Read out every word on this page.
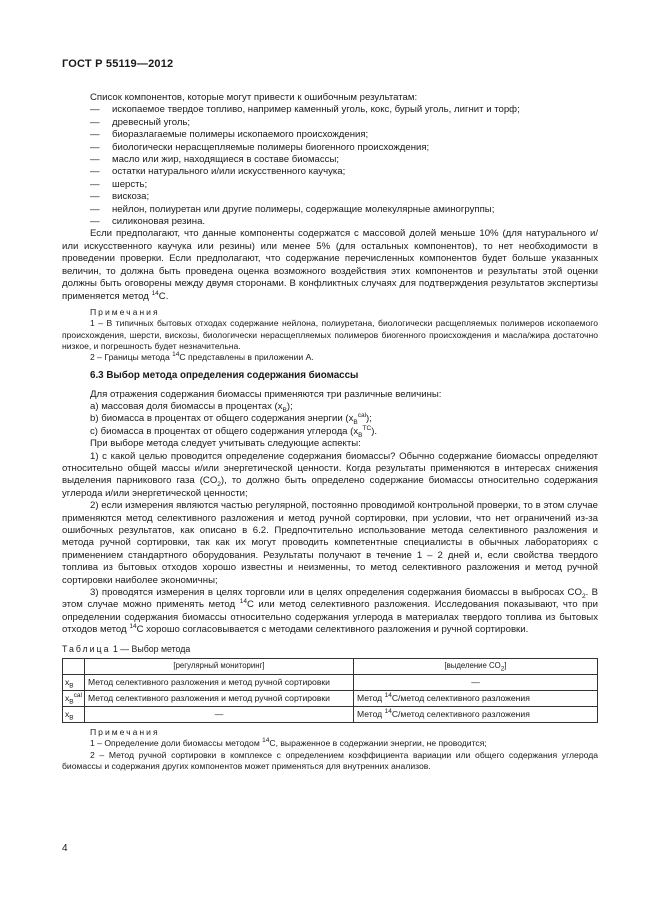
ГОСТ Р 55119—2012

Список компонентов, которые могут привести к ошибочным результатам:

—	ископаемое твердое топливо, например каменный уголь, кокс, бурый уголь, лигнит и торф;
—	древесный уголь;
—	биоразлагаемые полимеры ископаемого происхождения;
—	биологически нерасщепляемые полимеры биогенного происхождения;
—	масло или жир, находящиеся в составе биомассы;
—	остатки натурального и/или искусственного каучука;
—	шерсть;
—	вискоза;
—	нейлон, полиуретан или другие полимеры, содержащие молекулярные аминогруппы;
—	силиконовая резина.

Если предполагают, что данные компоненты содержатся с массовой долей меньше 10% (для натурального и/или искусственного каучука или резины) или менее 5% (для остальных компонентов), то нет необходимости в проведении проверки. Если предполагают, что содержание перечисленных компонентов будет больше указанных величин, то должна быть проведена оценка возможного воздействия этих компонентов и результаты этой оценки должны быть оговорены между двумя сторонами. В конфликтных случаях для подтверждения результатов экспертизы применяется метод $^{14}$C.

Примечания

1 – В типичных бытовых отходах содержание нейлона, полиуретана, биологически расщепляемых полимеров ископаемого происхождения, шерсти, вискозы, биологически нерасщепляемых полимеров биогенного происхождения и масла/жира достаточно низкое, и погрешность будет незначительна.

2 – Границы метода $^{14}$C представлены в приложении А.

6.3 Выбор метода определения содержания биомассы

Для отражения содержания биомассы применяются три различные величины:

a) массовая доля биомассы в процентах $(x_B)$;

b) биомасса в процентах от общего содержания энергии $(x_B^{cal})$;

c) биомасса в процентах от общего содержания углерода $(x_B^{TC})$.

При выборе метода следует учитывать следующие аспекты:

1) с какой целью проводится определение содержания биомассы? Обычно содержание биомассы определяют относительно общей массы и/или энергетической ценности. Когда результаты применяются в интересах снижения выделения парникового газа $(CO_2)$, то должно быть определено содержание биомассы относительно содержания углерода и/или энергетической ценности;

2) если измерения являются частью регулярной, постоянно проводимой контрольной проверки, то в этом случае применяются метод селективного разложения и метод ручной сортировки, при условии, что нет ограничений из-за ошибочных результатов, как описано в 6.2. Предпочтительно использование метода селективного разложения и метода ручной сортировки, так как их могут проводить компетентные специалисты в обычных лабораториях с применением стандартного оборудования. Результаты получают в течение 1 – 2 дней и, если свойства твердого топлива из бытовых отходов хорошо известны и неизменны, то метод селективного разложения и метод ручной сортировки наиболее экономичны;

3) проводятся измерения в целях торговли или в целях определения содержания биомассы в выбросах $CO_2$. В этом случае можно применять метод $^{14}$C или метод селективного разложения. Исследования показывают, что при определении содержания биомассы относительно содержания углерода в материалах твердого топлива из бытовых отходов метод $^{14}$C хорошо согласовывается с методами селективного разложения и ручной сортировки.

Таблица 1 — Выбор метода
	[регулярный мониторинг]	[выделение $CO_2$]
$x_B$	Метод селективного разложения и метод ручной сортировки	—
$x_B^{cal}$	Метод селективного разложения и метод ручной сортировки	Метод $^{14}$C/метод селективного разложения
$x_B$	—	Метод $^{14}$C/метод селективного разложения
Примечания

1 – Определение доли биомассы методом $^{14}$C, выраженное в содержании энергии, не проводится;

2 – Метод ручной сортировки в комплексе с определением коэффициента вариации или общего содержания углерода биомассы и содержания других компонентов может применяться для внутренних анализов.

4
